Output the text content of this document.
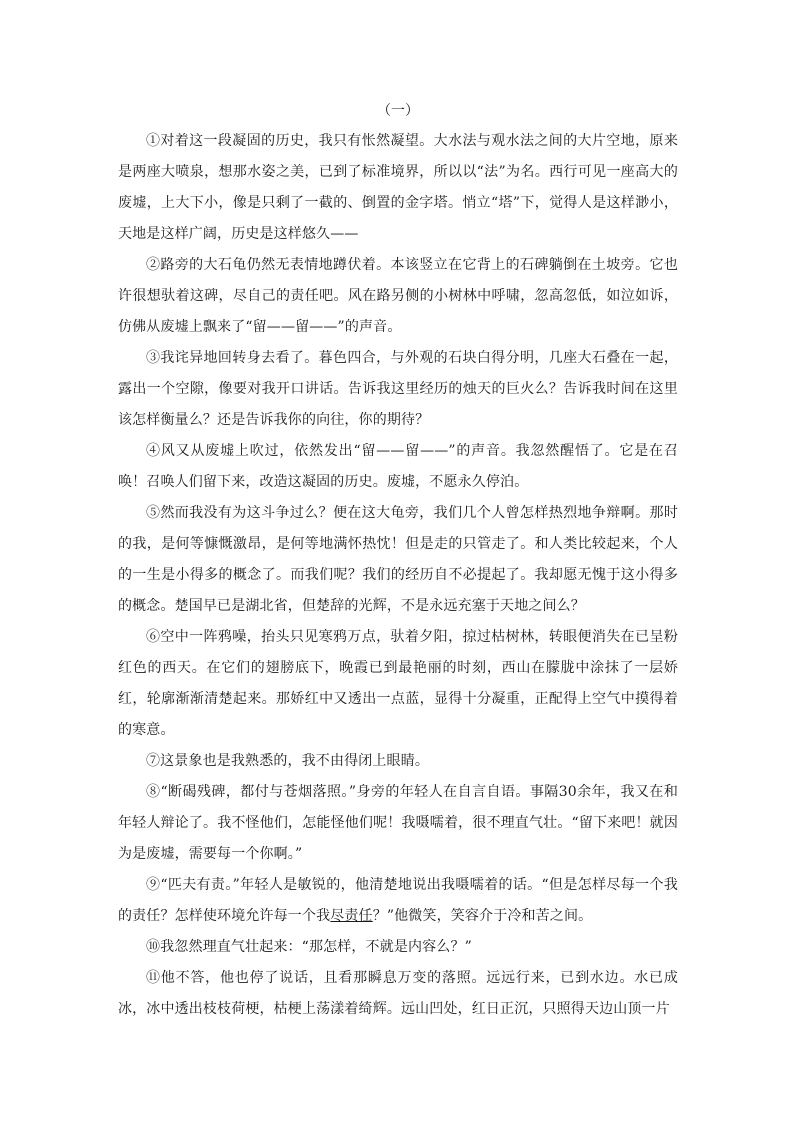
（一）

①对着这一段凝固的历史，我只有怅然凝望。大水法与观水法之间的大片空地，原来是两座大喷泉，想那水姿之美，已到了标准境界，所以以“法”为名。西行可见一座高大的废墟，上大下小，像是只剩了一截的、倒置的金字塔。悄立“塔”下，觉得人是这样渺小，天地是这样广阔，历史是这样悠久——

②路旁的大石龟仍然无表情地蹲伏着。本该竖立在它背上的石碑躺倒在土坡旁。它也许很想驮着这碑，尽自己的责任吧。风在路另侧的小树林中呼啸，忽高忽低，如泣如诉，仿佛从废墟上飘来了“留——留——”的声音。

③我诧异地回转身去看了。暮色四合，与外观的石块白得分明，几座大石叠在一起，露出一个空隙，像要对我开口讲话。告诉我这里经历的烛天的巨火么？告诉我时间在这里该怎样衡量么？还是告诉我你的向往，你的期待？

④风又从废墟上吹过，依然发出“留——留——”的声音。我忽然醒悟了。它是在召唤！召唤人们留下来，改造这凝固的历史。废墟，不愿永久停泊。

⑤然而我没有为这斗争过么？便在这大龟旁，我们几个人曾怎样热烈地争辩啊。那时的我，是何等慷慨激昂，是何等地满怀热忱！但是走的只管走了。和人类比较起来，个人的一生是小得多的概念了。而我们呢？我们的经历自不必提起了。我却愿无愧于这小得多的概念。楚国早已是湖北省，但楚辞的光辉，不是永远充塞于天地之间么？

⑥空中一阵鸦噪，抬头只见寒鸦万点，驮着夕阳，掠过枯树林，转眼便消失在已呈粉红色的西天。在它们的翅膀底下，晚霞已到最艳丽的时刻，西山在朦胧中涂抹了一层娇红，轮廓渐渐清楚起来。那娇红中又透出一点蓝，显得十分凝重，正配得上空气中摸得着的寒意。

⑦这景象也是我熟悉的，我不由得闭上眼睛。

⑧“断碣残碑，都付与苍烟落照。”身旁的年轻人在自言自语。事隔30余年，我又在和年轻人辩论了。我不怪他们，怎能怪他们呢！我嗫嚅着，很不理直气壮。“留下来吧！就因为是废墟，需要每一个你啊。”

⑨“匹夫有责。”年轻人是敏锐的，他清楚地说出我嗫嚅着的话。“但是怎样尽每一个我的责任？怎样使环境允许每一个我尽责任？”他微笑，笑容介于冷和苦之间。

⑩我忽然理直气壮起来：“那怎样，不就是内容么？”

⑪他不答，他也停了说话，且看那瞬息万变的落照。远远行来，已到水边。水已成冰，冰中透出枝枝荷梗，枯梗上荡漾着绮辉。远山凹处，红日正沉，只照得天边山顶一片
